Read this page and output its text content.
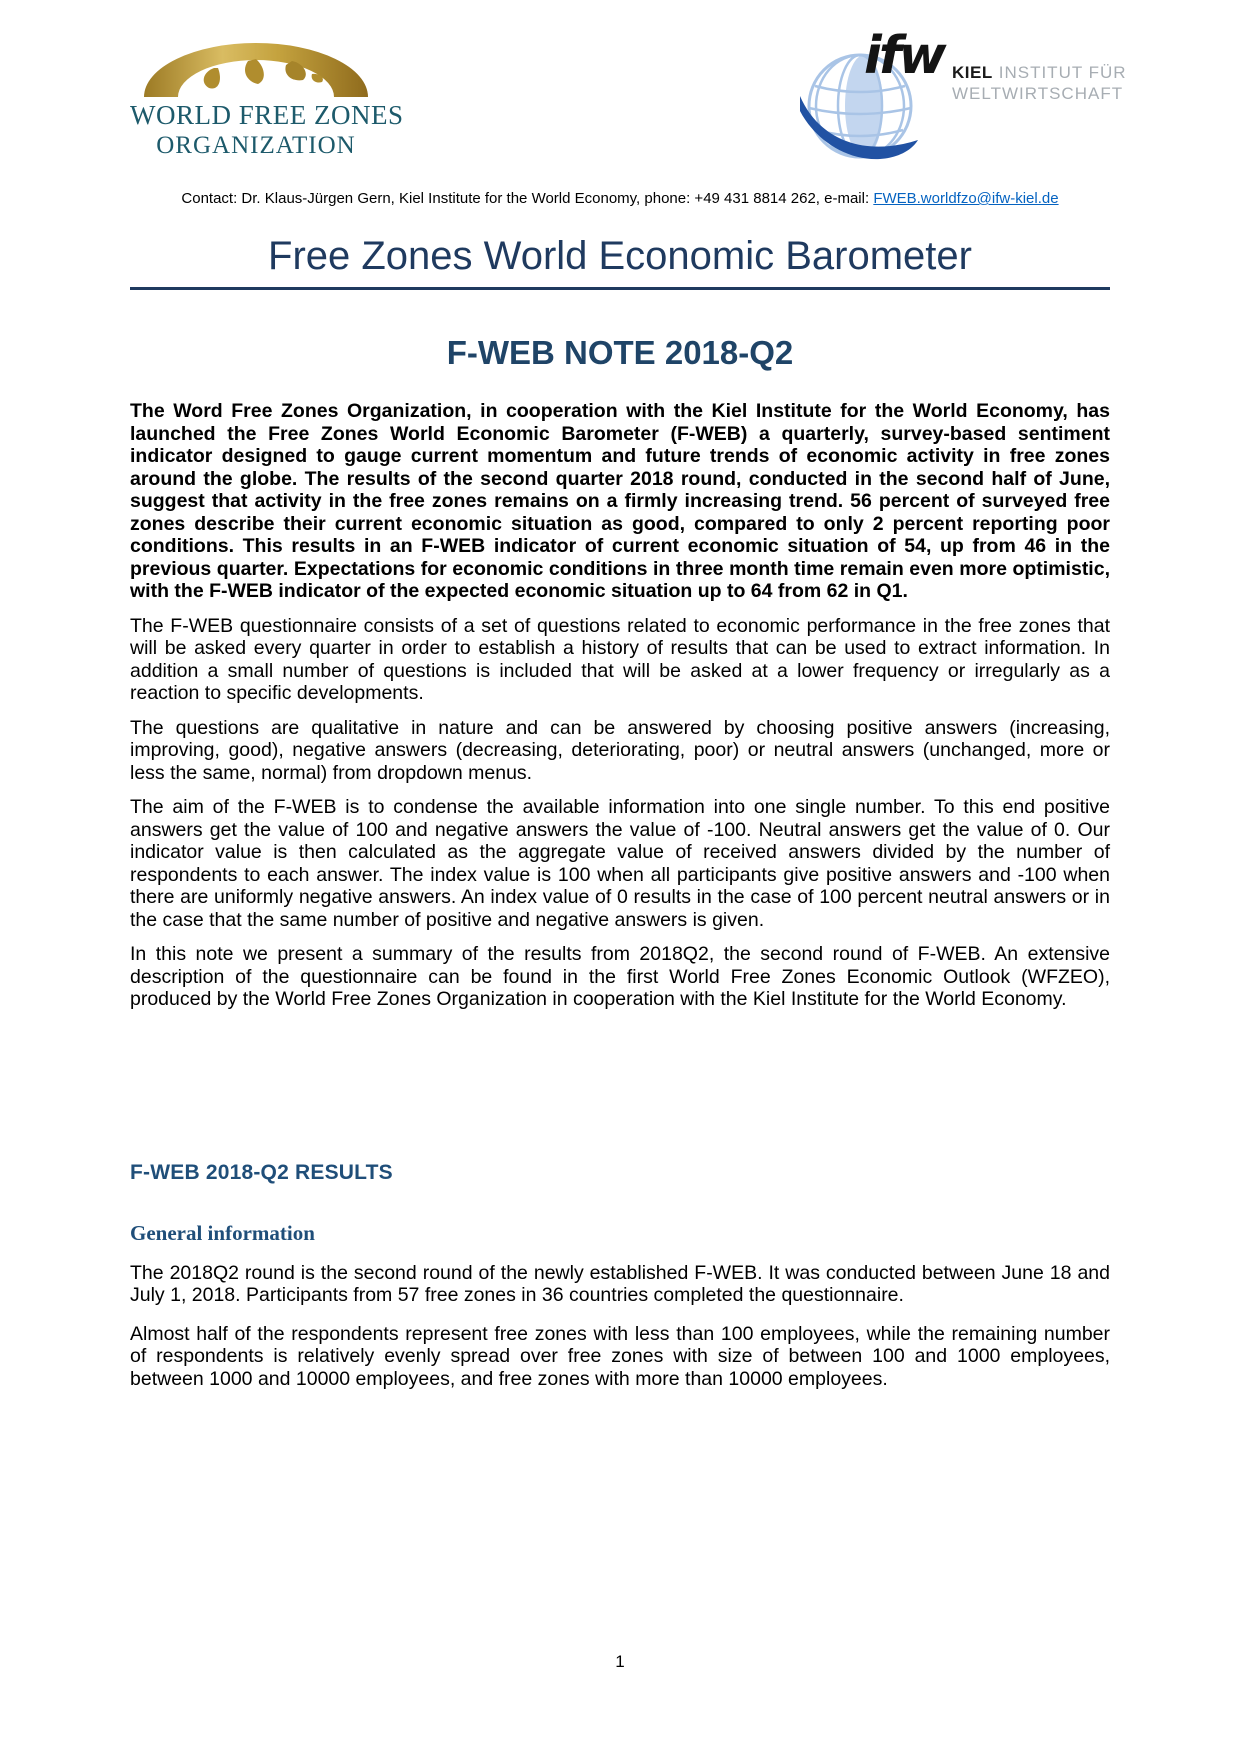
WORLD FREE ZONES
ORGANIZATION
ifw KIEL INSTITUT FÜR
WELTWIRTSCHAFT
Contact: Dr. Klaus-Jürgen Gern, Kiel Institute for the World Economy, phone: +49 431 8814 262, e-mail: FWEB.worldfzo@ifw-kiel.de
Free Zones World Economic Barometer
F-WEB NOTE 2018-Q2

The Word Free Zones Organization, in cooperation with the Kiel Institute for the World Economy, has launched the Free Zones World Economic Barometer (F-WEB) a quarterly, survey-based sentiment indicator designed to gauge current momentum and future trends of economic activity in free zones around the globe. The results of the second quarter 2018 round, conducted in the second half of June, suggest that activity in the free zones remains on a firmly increasing trend. 56 percent of surveyed free zones describe their current economic situation as good, compared to only 2 percent reporting poor conditions. This results in an F-WEB indicator of current economic situation of 54, up from 46 in the previous quarter. Expectations for economic conditions in three month time remain even more optimistic, with the F-WEB indicator of the expected economic situation up to 64 from 62 in Q1.

The F-WEB questionnaire consists of a set of questions related to economic performance in the free zones that will be asked every quarter in order to establish a history of results that can be used to extract information. In addition a small number of questions is included that will be asked at a lower frequency or irregularly as a reaction to specific developments.

The questions are qualitative in nature and can be answered by choosing positive answers (increasing, improving, good), negative answers (decreasing, deteriorating, poor) or neutral answers (unchanged, more or less the same, normal) from dropdown menus.

The aim of the F-WEB is to condense the available information into one single number. To this end positive answers get the value of 100 and negative answers the value of -100. Neutral answers get the value of 0. Our indicator value is then calculated as the aggregate value of received answers divided by the number of respondents to each answer. The index value is 100 when all participants give positive answers and -100 when there are uniformly negative answers. An index value of 0 results in the case of 100 percent neutral answers or in the case that the same number of positive and negative answers is given.

In this note we present a summary of the results from 2018Q2, the second round of F-WEB. An extensive description of the questionnaire can be found in the first World Free Zones Economic Outlook (WFZEO), produced by the World Free Zones Organization in cooperation with the Kiel Institute for the World Economy.

F-WEB 2018-Q2 RESULTS
General information

The 2018Q2 round is the second round of the newly established F-WEB. It was conducted between June 18 and July 1, 2018. Participants from 57 free zones in 36 countries completed the questionnaire.

Almost half of the respondents represent free zones with less than 100 employees, while the remaining number of respondents is relatively evenly spread over free zones with size of between 100 and 1000 employees, between 1000 and 10000 employees, and free zones with more than 10000 employees.

1
